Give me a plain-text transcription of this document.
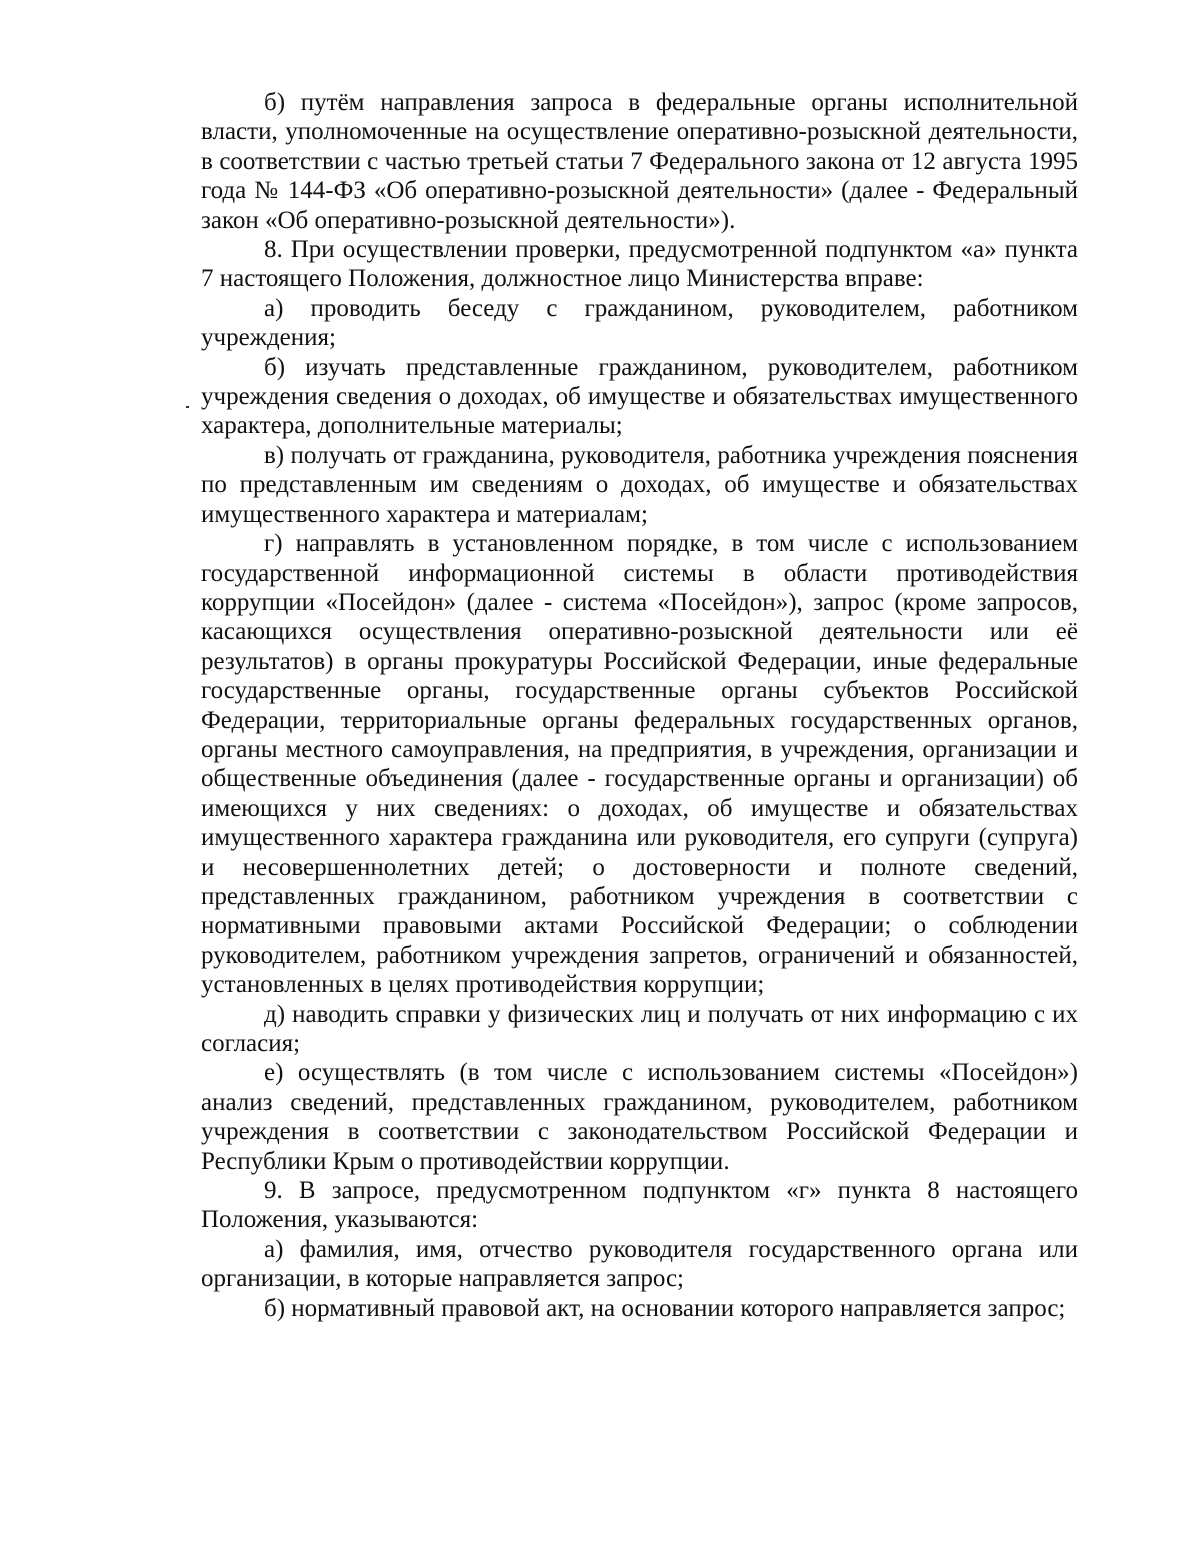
б) путём направления запроса в федеральные органы исполнительной власти, уполномоченные на осуществление оперативно-розыскной деятельности, в соответствии с частью третьей статьи 7 Федерального закона от 12 августа 1995 года № 144-ФЗ «Об оперативно-розыскной деятельности» (далее - Федеральный закон «Об оперативно-розыскной деятельности»).

8. При осуществлении проверки, предусмотренной подпунктом «а» пункта 7 настоящего Положения, должностное лицо Министерства вправе:

а) проводить беседу с гражданином, руководителем, работником учреждения;

б) изучать представленные гражданином, руководителем, работником учреждения сведения о доходах, об имуществе и обязательствах имущественного характера, дополнительные материалы;

в) получать от гражданина, руководителя, работника учреждения пояснения по представленным им сведениям о доходах, об имуществе и обязательствах имущественного характера и материалам;

г) направлять в установленном порядке, в том числе с использованием государственной информационной системы в области противодействия коррупции «Посейдон» (далее - система «Посейдон»), запрос (кроме запросов, касающихся осуществления оперативно-розыскной деятельности или её результатов) в органы прокуратуры Российской Федерации, иные федеральные государственные органы, государственные органы субъектов Российской Федерации, территориальные органы федеральных государственных органов, органы местного самоуправления, на предприятия, в учреждения, организации и общественные объединения (далее - государственные органы и организации) об имеющихся у них сведениях: о доходах, об имуществе и обязательствах имущественного характера гражданина или руководителя, его супруги (супруга) и несовершеннолетних детей; о достоверности и полноте сведений, представленных гражданином, работником учреждения в соответствии с нормативными правовыми актами Российской Федерации; о соблюдении руководителем, работником учреждения запретов, ограничений и обязанностей, установленных в целях противодействия коррупции;

д) наводить справки у физических лиц и получать от них информацию с их согласия;

е) осуществлять (в том числе с использованием системы «Посейдон») анализ сведений, представленных гражданином, руководителем, работником учреждения в соответствии с законодательством Российской Федерации и Республики Крым о противодействии коррупции.

9. В запросе, предусмотренном подпунктом «г» пункта 8 настоящего Положения, указываются:

а) фамилия, имя, отчество руководителя государственного органа или организации, в которые направляется запрос;

б) нормативный правовой акт, на основании которого направляется запрос;
